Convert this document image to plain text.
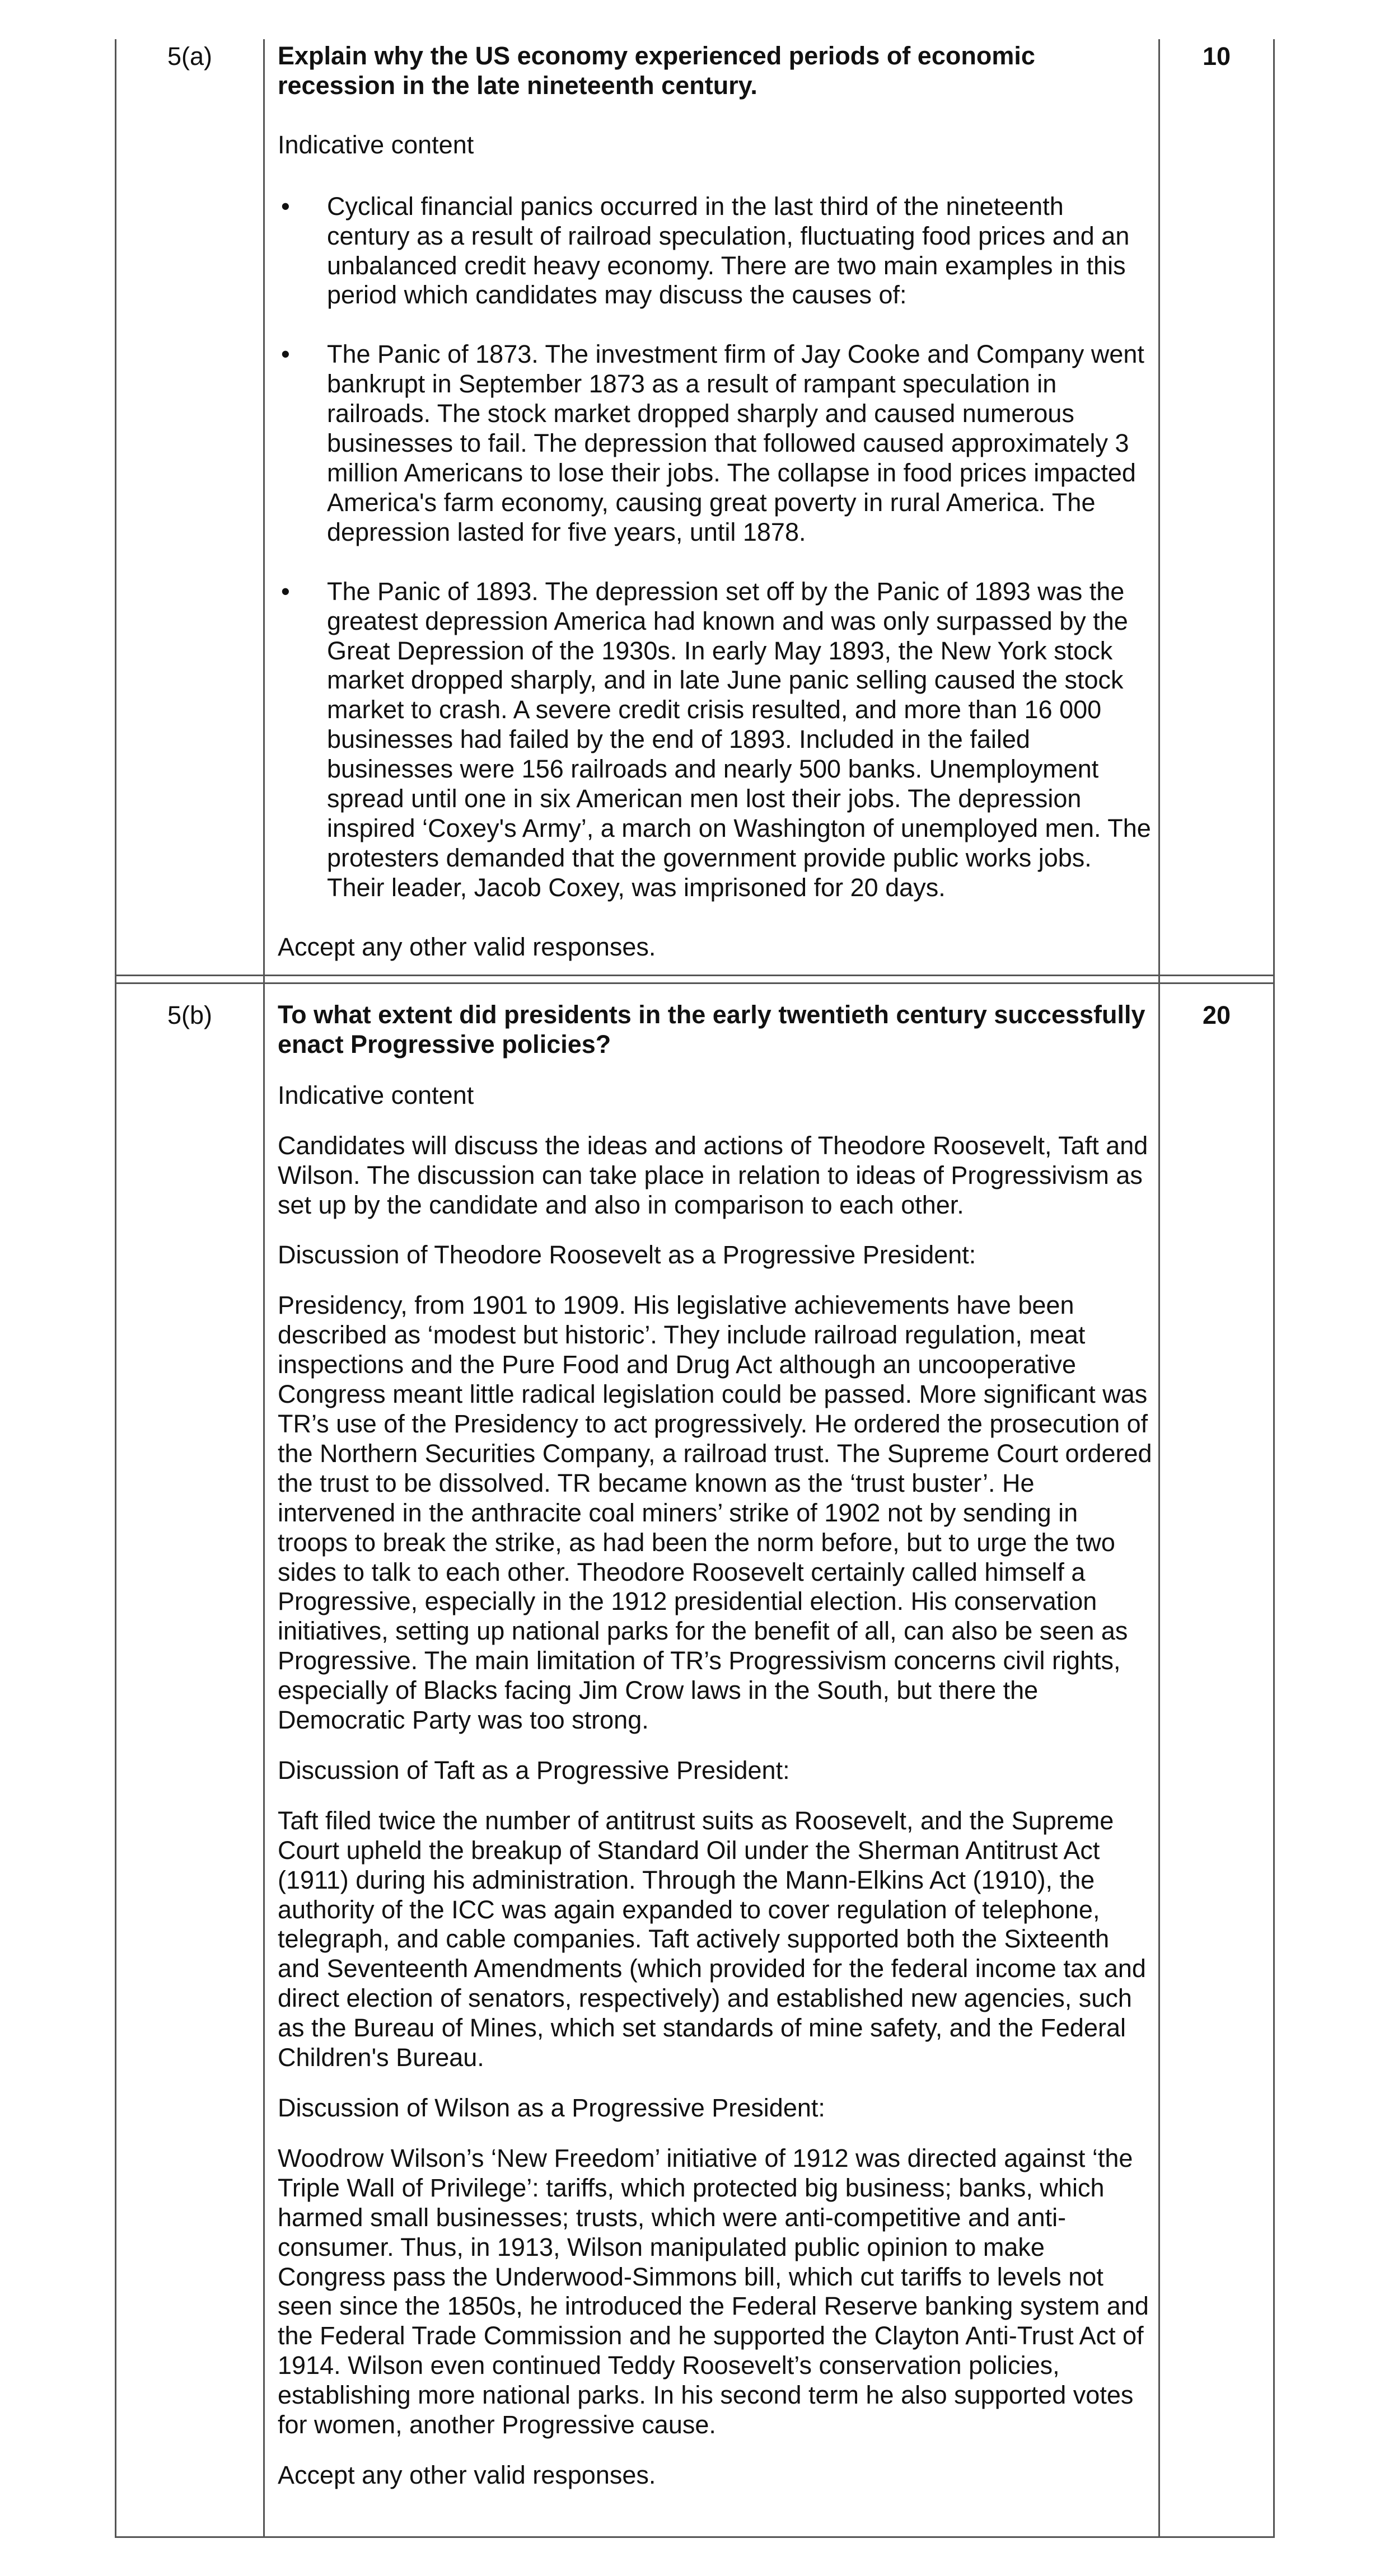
5(a)	10

Explain why the US economy experienced periods of economic recession in the late nineteenth century.

Indicative content

• Cyclical financial panics occurred in the last third of the nineteenth century as a result of railroad speculation, fluctuating food prices and an unbalanced credit heavy economy. There are two main examples in this period which candidates may discuss the causes of:
• The Panic of 1873. The investment firm of Jay Cooke and Company went bankrupt in September 1873 as a result of rampant speculation in railroads. The stock market dropped sharply and caused numerous businesses to fail. The depression that followed caused approximately 3 million Americans to lose their jobs. The collapse in food prices impacted America's farm economy, causing great poverty in rural America. The depression lasted for five years, until 1878.
• The Panic of 1893. The depression set off by the Panic of 1893 was the greatest depression America had known and was only surpassed by the Great Depression of the 1930s. In early May 1893, the New York stock market dropped sharply, and in late June panic selling caused the stock market to crash. A severe credit crisis resulted, and more than 16 000 businesses had failed by the end of 1893. Included in the failed businesses were 156 railroads and nearly 500 banks. Unemployment spread until one in six American men lost their jobs. The depression inspired ‘Coxey's Army’, a march on Washington of unemployed men. The protesters demanded that the government provide public works jobs. Their leader, Jacob Coxey, was imprisoned for 20 days.

Accept any other valid responses.

5(b)	20

To what extent did presidents in the early twentieth century successfully enact Progressive policies?

Indicative content

Candidates will discuss the ideas and actions of Theodore Roosevelt, Taft and Wilson. The discussion can take place in relation to ideas of Progressivism as set up by the candidate and also in comparison to each other.

Discussion of Theodore Roosevelt as a Progressive President:

Presidency, from 1901 to 1909. His legislative achievements have been described as ‘modest but historic’. They include railroad regulation, meat inspections and the Pure Food and Drug Act although an uncooperative Congress meant little radical legislation could be passed. More significant was TR’s use of the Presidency to act progressively. He ordered the prosecution of the Northern Securities Company, a railroad trust. The Supreme Court ordered the trust to be dissolved. TR became known as the ‘trust buster’. He intervened in the anthracite coal miners’ strike of 1902 not by sending in troops to break the strike, as had been the norm before, but to urge the two sides to talk to each other. Theodore Roosevelt certainly called himself a Progressive, especially in the 1912 presidential election. His conservation initiatives, setting up national parks for the benefit of all, can also be seen as Progressive. The main limitation of TR’s Progressivism concerns civil rights, especially of Blacks facing Jim Crow laws in the South, but there the Democratic Party was too strong.

Discussion of Taft as a Progressive President:

Taft filed twice the number of antitrust suits as Roosevelt, and the Supreme Court upheld the breakup of Standard Oil under the Sherman Antitrust Act (1911) during his administration. Through the Mann-Elkins Act (1910), the authority of the ICC was again expanded to cover regulation of telephone, telegraph, and cable companies. Taft actively supported both the Sixteenth and Seventeenth Amendments (which provided for the federal income tax and direct election of senators, respectively) and established new agencies, such as the Bureau of Mines, which set standards of mine safety, and the Federal Children's Bureau.

Discussion of Wilson as a Progressive President:

Woodrow Wilson’s ‘New Freedom’ initiative of 1912 was directed against ‘the Triple Wall of Privilege’: tariffs, which protected big business; banks, which harmed small businesses; trusts, which were anti-competitive and anti-consumer. Thus, in 1913, Wilson manipulated public opinion to make Congress pass the Underwood-Simmons bill, which cut tariffs to levels not seen since the 1850s, he introduced the Federal Reserve banking system and the Federal Trade Commission and he supported the Clayton Anti-Trust Act of 1914. Wilson even continued Teddy Roosevelt’s conservation policies, establishing more national parks. In his second term he also supported votes for women, another Progressive cause.

Accept any other valid responses.
